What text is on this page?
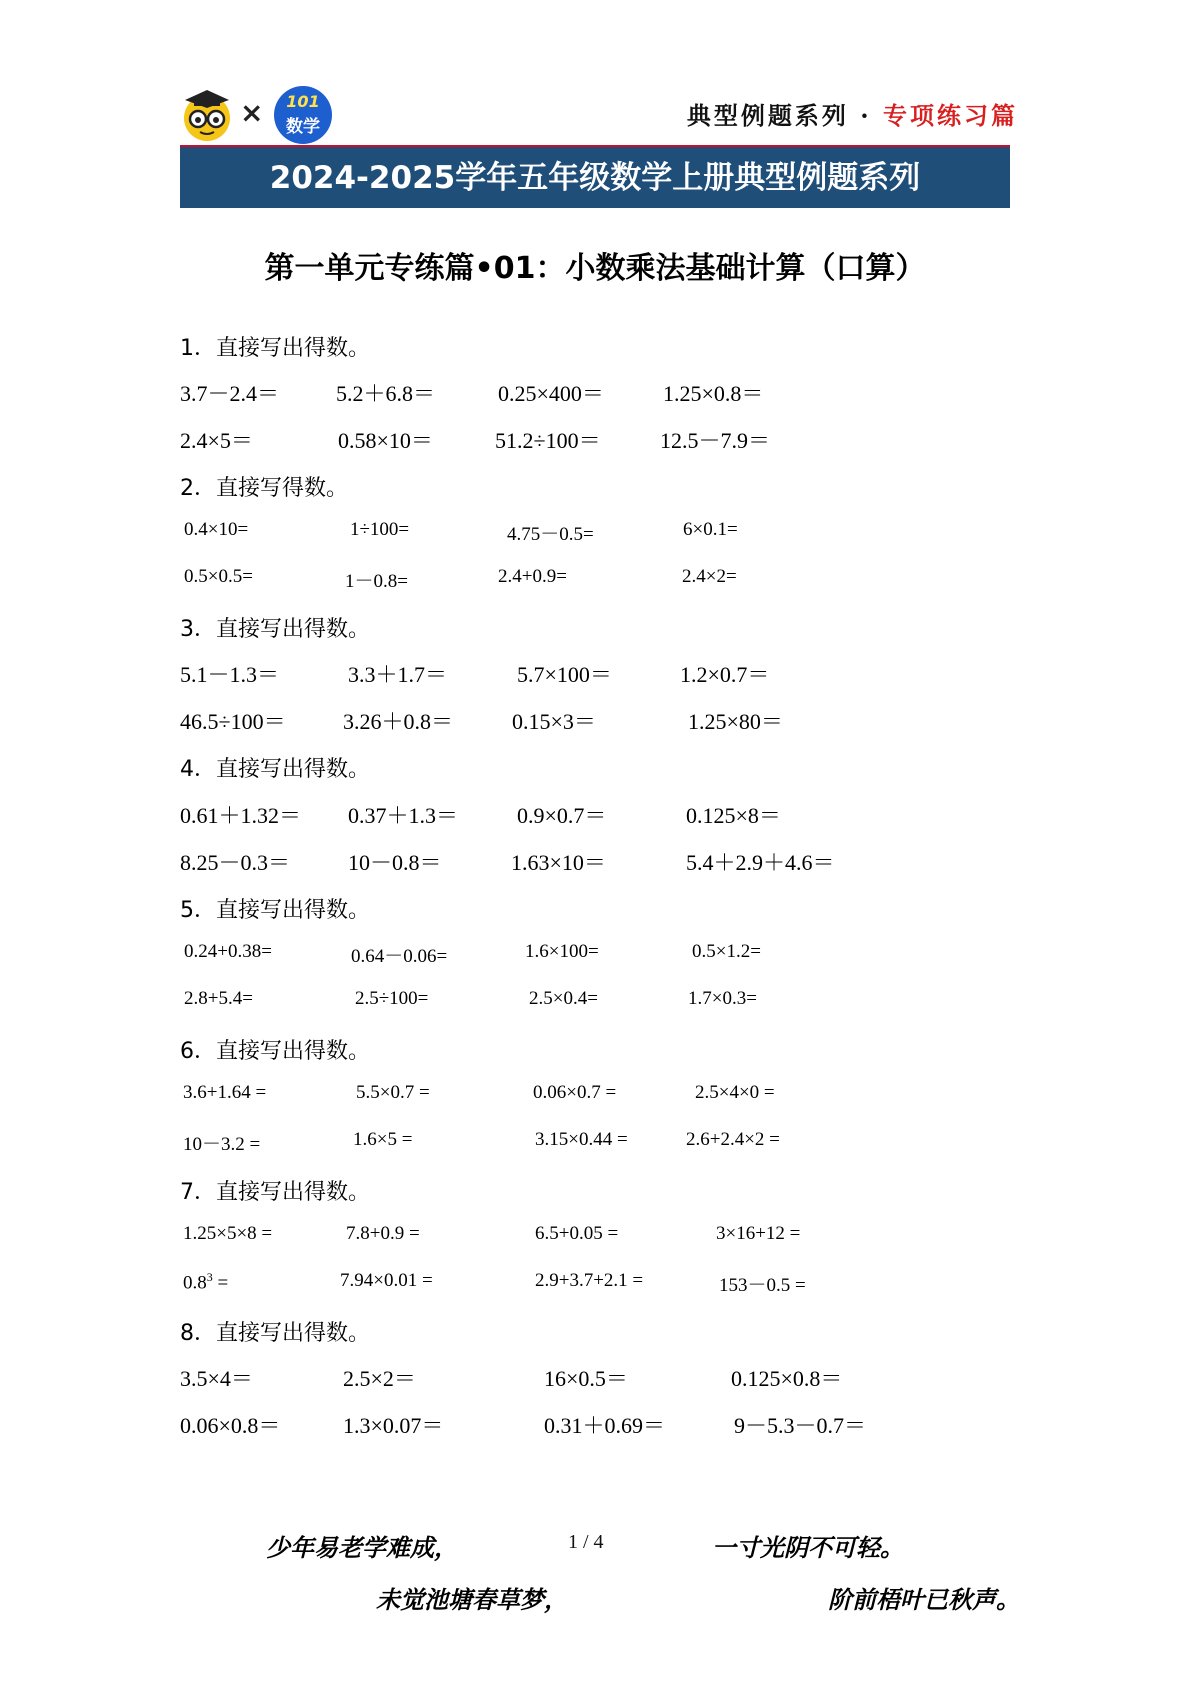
×	101
数学	典型例题系列 · 专项练习篇
2024-2025学年五年级数学上册典型例题系列
第一单元专练篇•01：小数乘法基础计算（口算）
1．直接写出得数。
3.7－2.4＝	5.2＋6.8＝	0.25×400＝	1.25×0.8＝
2.4×5＝	0.58×10＝	51.2÷100＝	12.5－7.9＝
2．直接写得数。
0.4×10=	1÷100=	4.75－0.5=	6×0.1=
0.5×0.5=	1－0.8=	2.4+0.9=	2.4×2=
3．直接写出得数。
5.1－1.3＝	3.3＋1.7＝	5.7×100＝	1.2×0.7＝
46.5÷100＝	3.26＋0.8＝	0.15×3＝	1.25×80＝
4．直接写出得数。
0.61＋1.32＝ 0.37＋1.3＝	0.9×0.7＝	0.125×8＝
8.25－0.3＝	10－0.8＝	1.63×10＝	5.4＋2.9＋4.6＝
5．直接写出得数。
0.24+0.38=	0.64－0.06=	1.6×100=	0.5×1.2=
2.8+5.4=	2.5÷100=	2.5×0.4=	1.7×0.3=
6．直接写出得数。
3.6+1.64 =	5.5×0.7 =	0.06×0.7 =	2.5×4×0 =
10－3.2 =	1.6×5 =	3.15×0.44 =	2.6+2.4×2 =
7．直接写出得数。
1.25×5×8 =	7.8+0.9 =	6.5+0.05 =	3×16+12 =
$0.8^3$ =	7.94×0.01 =	2.9+3.7+2.1 =	153－0.5 =
8．直接写出得数。
3.5×4＝	2.5×2＝	16×0.5＝	0.125×0.8＝
0.06×0.8＝	1.3×0.07＝	0.31＋0.69＝	9－5.3－0.7＝
少年易老学难成，	1 / 4	一寸光阴不可轻。
未觉池塘春草梦，	阶前梧叶已秋声。
